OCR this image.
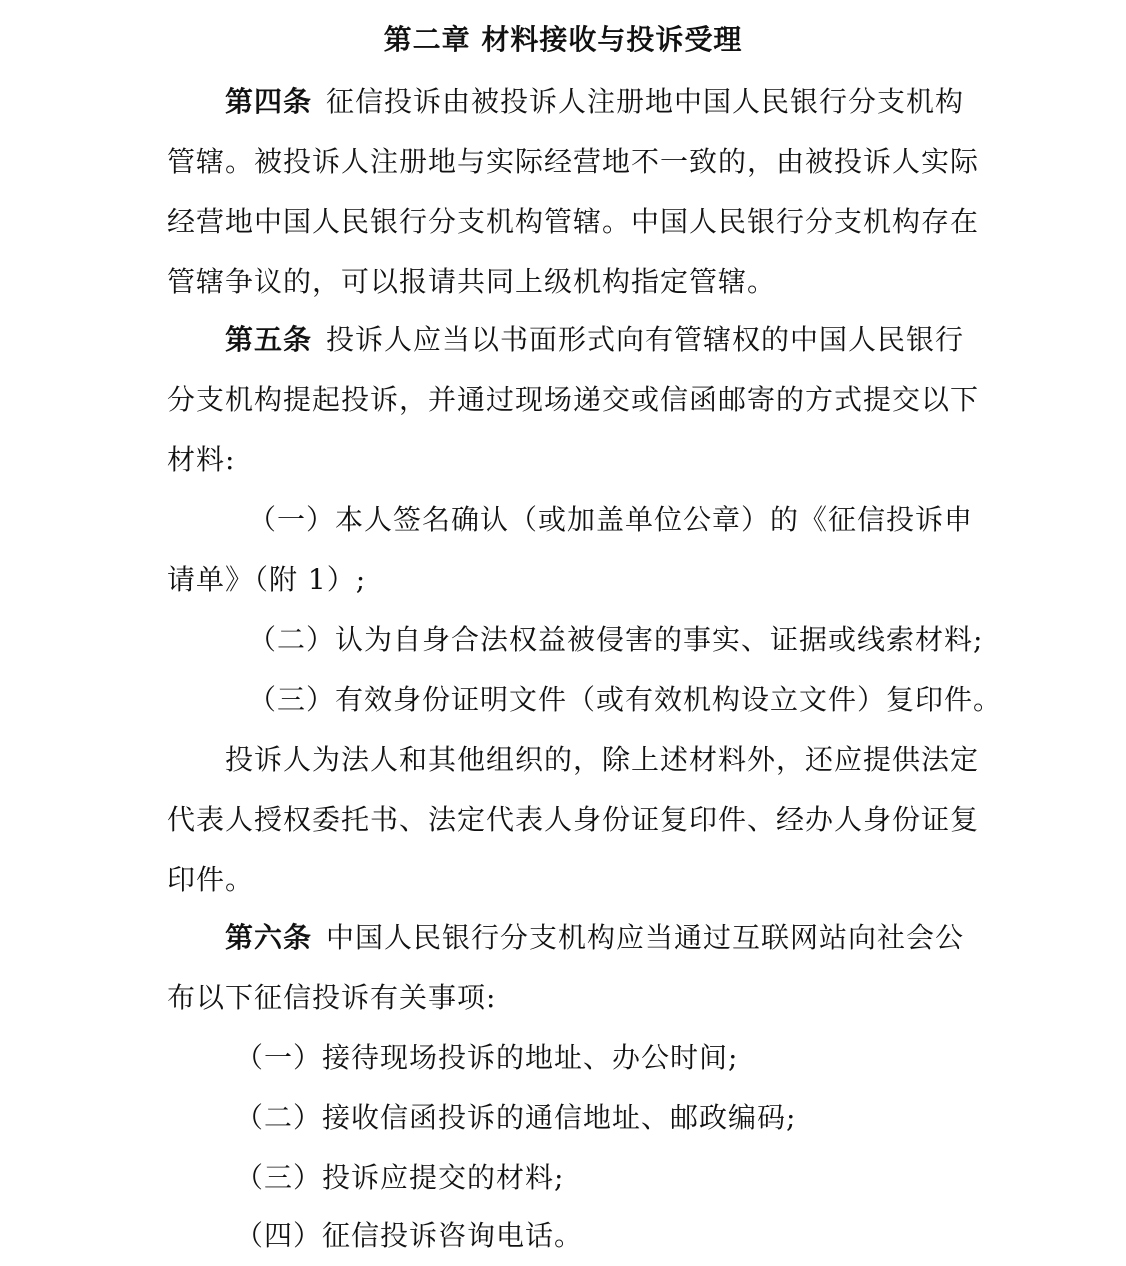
第二章 材料接收与投诉受理
第四条 征信投诉由被投诉人注册地中国人民银行分支机构
管辖。被投诉人注册地与实际经营地不一致的，由被投诉人实际
经营地中国人民银行分支机构管辖。中国人民银行分支机构存在
管辖争议的，可以报请共同上级机构指定管辖。
第五条 投诉人应当以书面形式向有管辖权的中国人民银行
分支机构提起投诉，并通过现场递交或信函邮寄的方式提交以下
材料:
（一）本人签名确认（或加盖单位公章）的《征信投诉申
请单》（附 1）;
（二）认为自身合法权益被侵害的事实、证据或线索材料;
（三）有效身份证明文件（或有效机构设立文件）复印件。
投诉人为法人和其他组织的，除上述材料外，还应提供法定
代表人授权委托书、法定代表人身份证复印件、经办人身份证复
印件。
第六条 中国人民银行分支机构应当通过互联网站向社会公
布以下征信投诉有关事项:
（一）接待现场投诉的地址、办公时间;
（二）接收信函投诉的通信地址、邮政编码;
（三）投诉应提交的材料;
（四）征信投诉咨询电话。
